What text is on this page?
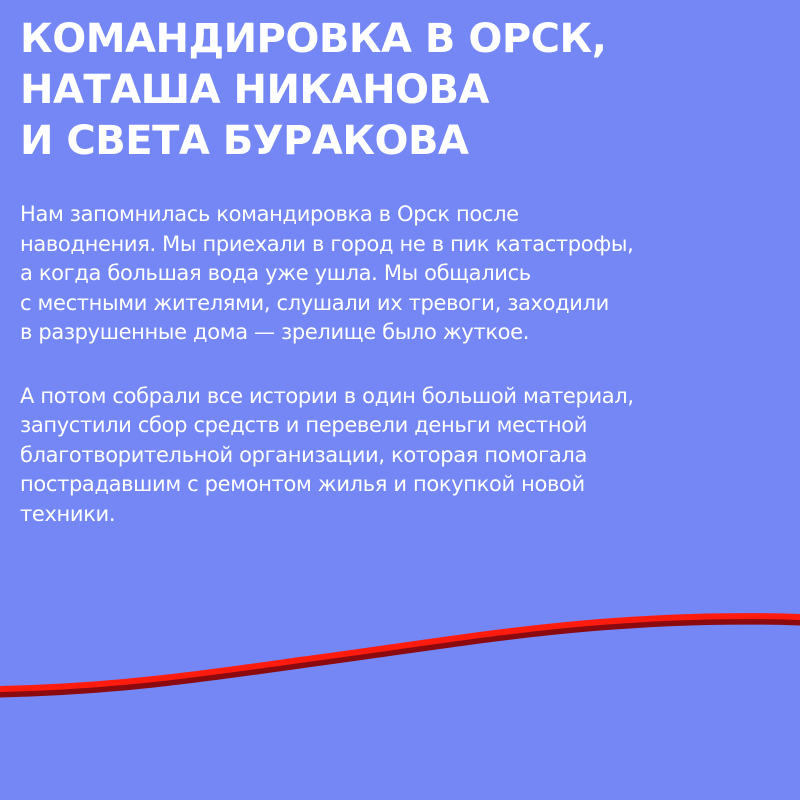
КОМАНДИРОВКА В ОРСК,
НАТАША НИКАНОВА
И СВЕТА БУРАКОВА

Нам запомнилась командировка в Орск после
наводнения. Мы приехали в город не в пик катастрофы,
а когда большая вода уже ушла. Мы общались
с местными жителями, слушали их тревоги, заходили
в разрушенные дома — зрелище было жуткое.

А потом собрали все истории в один большой материал,
запустили сбор средств и перевели деньги местной
благотворительной организации, которая помогала
пострадавшим с ремонтом жилья и покупкой новой
техники.
